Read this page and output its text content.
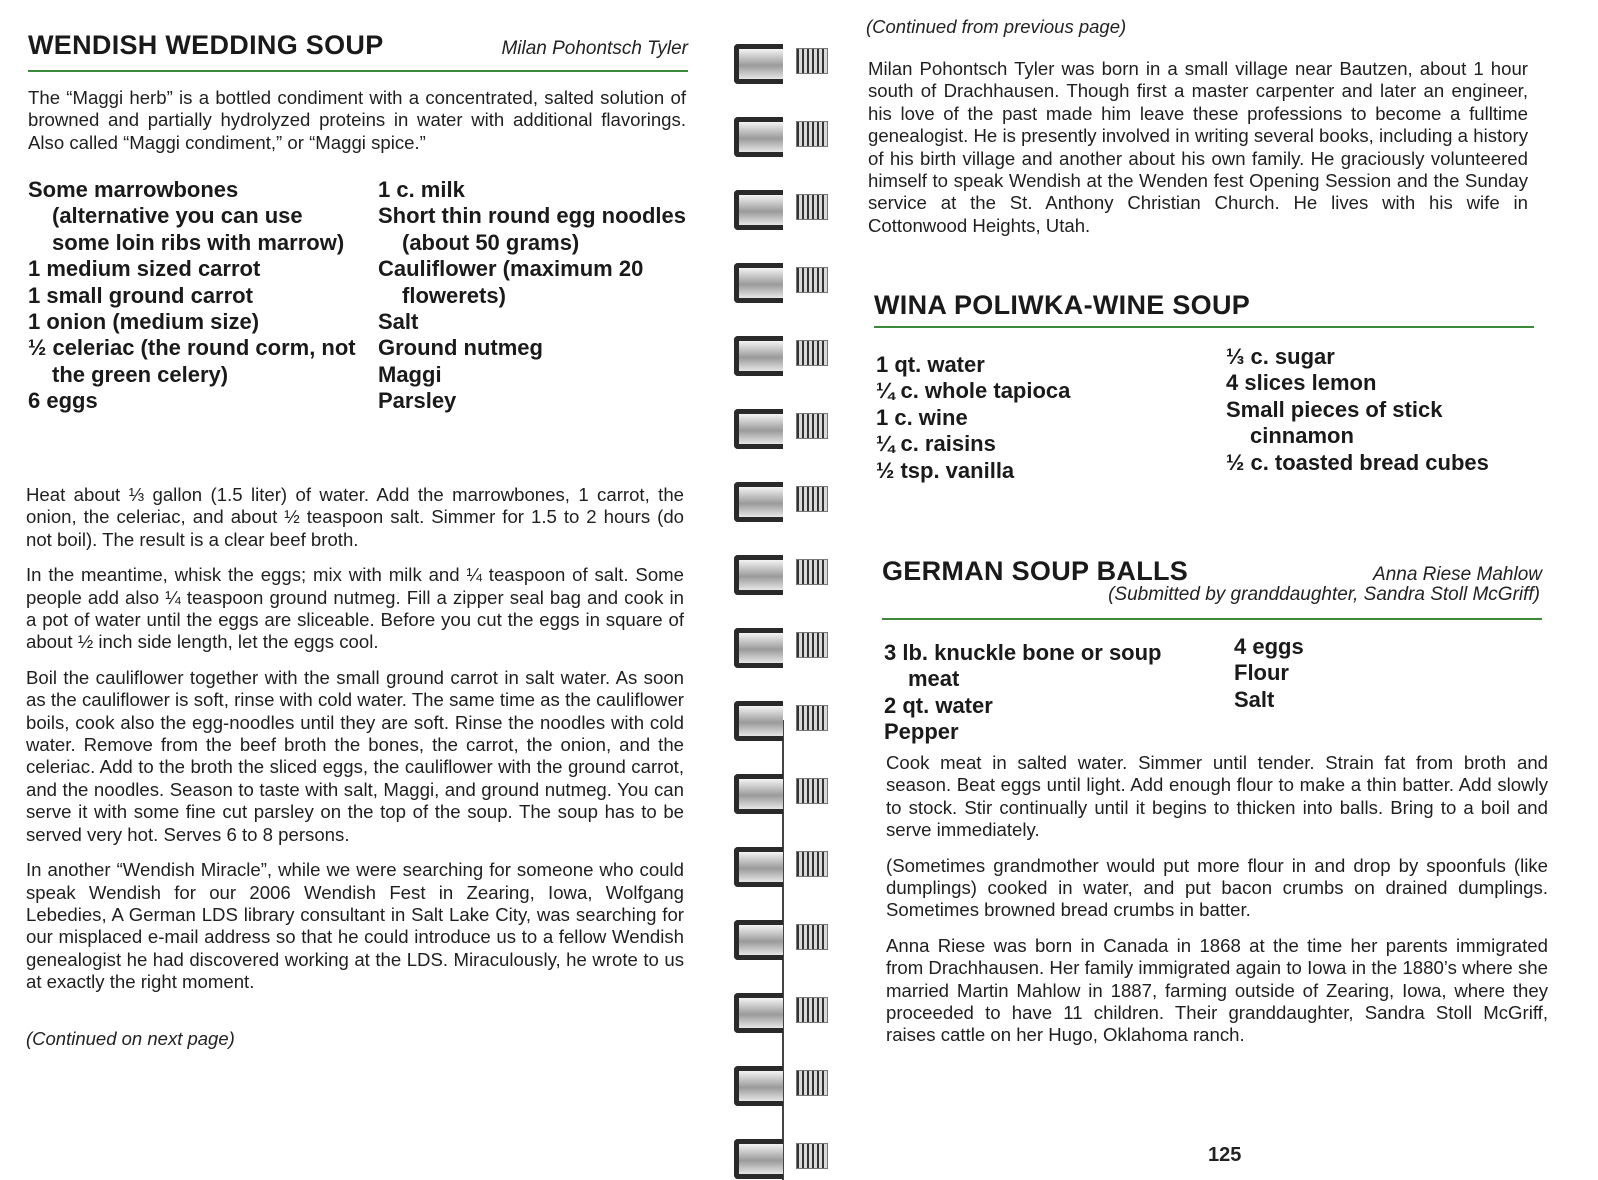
WENDISH WEDDING SOUP	Milan Pohontsch Tyler

The “Maggi herb” is a bottled condiment with a concentrated, salted solution of browned and partially hydrolyzed proteins in water with additional flavorings. Also called “Maggi condiment,” or “Maggi spice.”

Some marrowbones (alternative you can use some loin ribs with marrow)
1 medium sized carrot
1 small ground carrot
1 onion (medium size)
½ celeriac (the round corm, not the green celery)
6 eggs
1 c. milk
Short thin round egg noodles (about 50 grams)
Cauliflower (maximum 20 flowerets)
Salt
Ground nutmeg
Maggi
Parsley

Heat about ⅓ gallon (1.5 liter) of water. Add the marrowbones, 1 carrot, the onion, the celeriac, and about ½ teaspoon salt. Simmer for 1.5 to 2 hours (do not boil). The result is a clear beef broth.

In the meantime, whisk the eggs; mix with milk and ¼ teaspoon of salt. Some people add also ¼ teaspoon ground nutmeg. Fill a zipper seal bag and cook in a pot of water until the eggs are sliceable. Before you cut the eggs in square of about ½ inch side length, let the eggs cool.

Boil the cauliflower together with the small ground carrot in salt water. As soon as the cauliflower is soft, rinse with cold water. The same time as the cauliflower boils, cook also the egg-noodles until they are soft. Rinse the noodles with cold water. Remove from the beef broth the bones, the carrot, the onion, and the celeriac. Add to the broth the sliced eggs, the cauliflower with the ground carrot, and the noodles. Season to taste with salt, Maggi, and ground nutmeg. You can serve it with some fine cut parsley on the top of the soup. The soup has to be served very hot. Serves 6 to 8 persons.

In another “Wendish Miracle”, while we were searching for someone who could speak Wendish for our 2006 Wendish Fest in Zearing, Iowa, Wolfgang Lebedies, A German LDS library consultant in Salt Lake City, was searching for our misplaced e-mail address so that he could introduce us to a fellow Wendish genealogist he had discovered working at the LDS. Miraculously, he wrote to us at exactly the right moment.

(Continued on next page)
(Continued from previous page)

Milan Pohontsch Tyler was born in a small village near Bautzen, about 1 hour south of Drachhausen. Though first a master carpenter and later an engineer, his love of the past made him leave these professions to become a fulltime genealogist. He is presently involved in writing several books, including a history of his birth village and another about his own family. He graciously volunteered himself to speak Wendish at the Wenden fest Opening Session and the Sunday service at the St. Anthony Christian Church. He lives with his wife in Cottonwood Heights, Utah.

WINA POLIWKA-WINE SOUP
1 qt. water
¼ c. whole tapioca
1 c. wine
¼ c. raisins
½ tsp. vanilla
⅓ c. sugar
4 slices lemon
Small pieces of stick cinnamon
½ c. toasted bread cubes
GERMAN SOUP BALLS	Anna Riese Mahlow
(Submitted by granddaughter, Sandra Stoll McGriff)
3 lb. knuckle bone or soup meat
2 qt. water
Pepper
4 eggs
Flour
Salt

Cook meat in salted water. Simmer until tender. Strain fat from broth and season. Beat eggs until light. Add enough flour to make a thin batter. Add slowly to stock. Stir continually until it begins to thicken into balls. Bring to a boil and serve immediately.

(Sometimes grandmother would put more flour in and drop by spoonfuls (like dumplings) cooked in water, and put bacon crumbs on drained dumplings. Sometimes browned bread crumbs in batter.

Anna Riese was born in Canada in 1868 at the time her parents immigrated from Drachhausen. Her family immigrated again to Iowa in the 1880’s where she married Martin Mahlow in 1887, farming outside of Zearing, Iowa, where they proceeded to have 11 children. Their granddaughter, Sandra Stoll McGriff, raises cattle on her Hugo, Oklahoma ranch.

125
